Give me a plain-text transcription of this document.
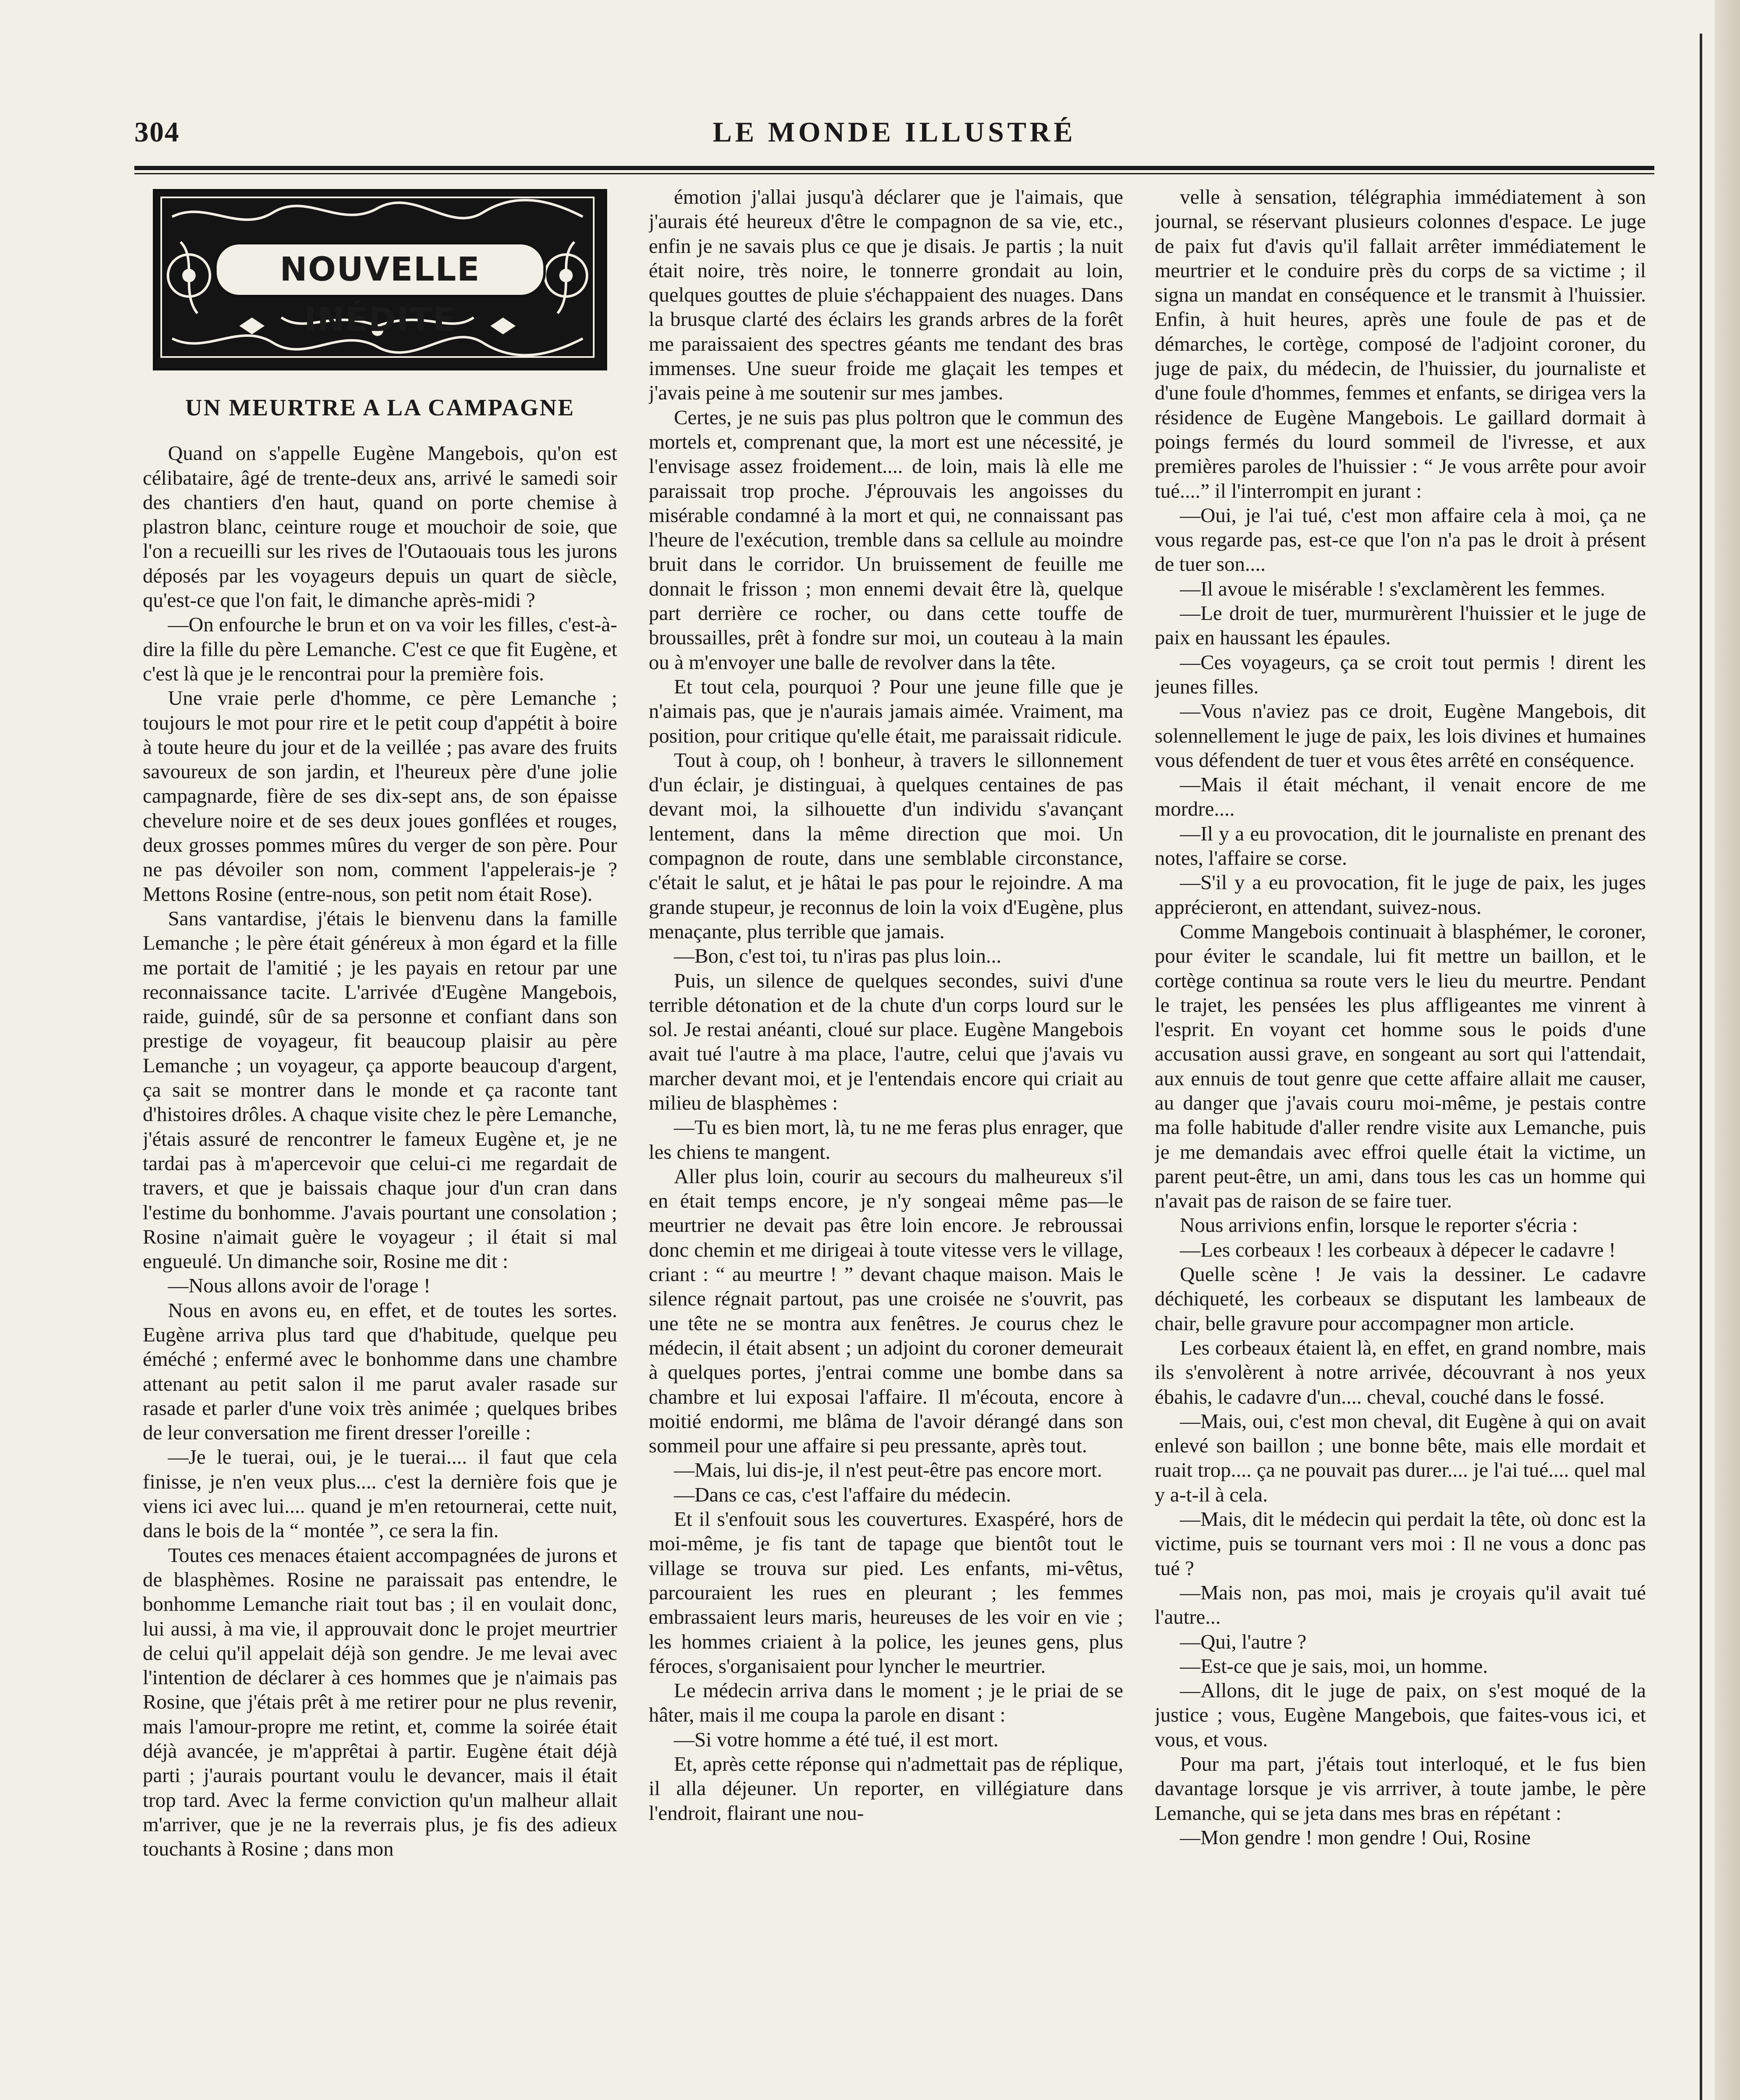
LE MONDE ILLUSTRÉ
304
NOUVELLE INÉDITE
UN MEURTRE A LA CAMPAGNE

Quand on s'appelle Eugène Mangebois, qu'on est célibataire, âgé de trente-deux ans, arrivé le samedi soir des chantiers d'en haut, quand on porte chemise à plastron blanc, ceinture rouge et mouchoir de soie, que l'on a recueilli sur les rives de l'Outaouais tous les jurons déposés par les voyageurs depuis un quart de siècle, qu'est-ce que l'on fait, le dimanche après-midi ?

—On enfourche le brun et on va voir les filles, c'est-à-dire la fille du père Lemanche. C'est ce que fit Eugène, et c'est là que je le rencontrai pour la première fois.

Une vraie perle d'homme, ce père Lemanche ; toujours le mot pour rire et le petit coup d'appétit à boire à toute heure du jour et de la veillée ; pas avare des fruits savoureux de son jardin, et l'heureux père d'une jolie campagnarde, fière de ses dix-sept ans, de son épaisse chevelure noire et de ses deux joues gonflées et rouges, deux grosses pommes mûres du verger de son père. Pour ne pas dévoiler son nom, comment l'appelerais-je ? Mettons Rosine (entre-nous, son petit nom était Rose).

Sans vantardise, j'étais le bienvenu dans la famille Lemanche ; le père était généreux à mon égard et la fille me portait de l'amitié ; je les payais en retour par une reconnaissance tacite. L'arrivée d'Eugène Mangebois, raide, guindé, sûr de sa personne et confiant dans son prestige de voyageur, fit beaucoup plaisir au père Lemanche ; un voyageur, ça apporte beaucoup d'argent, ça sait se montrer dans le monde et ça raconte tant d'histoires drôles. A chaque visite chez le père Lemanche, j'étais assuré de rencontrer le fameux Eugène et, je ne tardai pas à m'apercevoir que celui-ci me regardait de travers, et que je baissais chaque jour d'un cran dans l'estime du bonhomme. J'avais pourtant une consolation ; Rosine n'aimait guère le voyageur ; il était si mal engueulé. Un dimanche soir, Rosine me dit :

—Nous allons avoir de l'orage !

Nous en avons eu, en effet, et de toutes les sortes. Eugène arriva plus tard que d'habitude, quelque peu éméché ; enfermé avec le bonhomme dans une chambre attenant au petit salon il me parut avaler rasade sur rasade et parler d'une voix très animée ; quelques bribes de leur conversation me firent dresser l'oreille :

—Je le tuerai, oui, je le tuerai.... il faut que cela finisse, je n'en veux plus.... c'est la dernière fois que je viens ici avec lui.... quand je m'en retournerai, cette nuit, dans le bois de la “ montée ”, ce sera la fin.

Toutes ces menaces étaient accompagnées de jurons et de blasphèmes. Rosine ne paraissait pas entendre, le bonhomme Lemanche riait tout bas ; il en voulait donc, lui aussi, à ma vie, il approuvait donc le projet meurtrier de celui qu'il appelait déjà son gendre. Je me levai avec l'intention de déclarer à ces hommes que je n'aimais pas Rosine, que j'étais prêt à me retirer pour ne plus revenir, mais l'amour-propre me retint, et, comme la soirée était déjà avancée, je m'apprêtai à partir. Eugène était déjà parti ; j'aurais pourtant voulu le devancer, mais il était trop tard. Avec la ferme conviction qu'un malheur allait m'arriver, que je ne la reverrais plus, je fis des adieux touchants à Rosine ; dans mon

émotion j'allai jusqu'à déclarer que je l'aimais, que j'aurais été heureux d'être le compagnon de sa vie, etc., enfin je ne savais plus ce que je disais. Je partis ; la nuit était noire, très noire, le tonnerre grondait au loin, quelques gouttes de pluie s'échappaient des nuages. Dans la brusque clarté des éclairs les grands arbres de la forêt me paraissaient des spectres géants me tendant des bras immenses. Une sueur froide me glaçait les tempes et j'avais peine à me soutenir sur mes jambes.

Certes, je ne suis pas plus poltron que le commun des mortels et, comprenant que, la mort est une nécessité, je l'envisage assez froidement.... de loin, mais là elle me paraissait trop proche. J'éprouvais les angoisses du misérable condamné à la mort et qui, ne connaissant pas l'heure de l'exécution, tremble dans sa cellule au moindre bruit dans le corridor. Un bruissement de feuille me donnait le frisson ; mon ennemi devait être là, quelque part derrière ce rocher, ou dans cette touffe de broussailles, prêt à fondre sur moi, un couteau à la main ou à m'envoyer une balle de revolver dans la tête.

Et tout cela, pourquoi ? Pour une jeune fille que je n'aimais pas, que je n'aurais jamais aimée. Vraiment, ma position, pour critique qu'elle était, me paraissait ridicule.

Tout à coup, oh ! bonheur, à travers le sillonnement d'un éclair, je distinguai, à quelques centaines de pas devant moi, la silhouette d'un individu s'avançant lentement, dans la même direction que moi. Un compagnon de route, dans une semblable circonstance, c'était le salut, et je hâtai le pas pour le rejoindre. A ma grande stupeur, je reconnus de loin la voix d'Eugène, plus menaçante, plus terrible que jamais.

—Bon, c'est toi, tu n'iras pas plus loin...

Puis, un silence de quelques secondes, suivi d'une terrible détonation et de la chute d'un corps lourd sur le sol. Je restai anéanti, cloué sur place. Eugène Mangebois avait tué l'autre à ma place, l'autre, celui que j'avais vu marcher devant moi, et je l'entendais encore qui criait au milieu de blasphèmes :

—Tu es bien mort, là, tu ne me feras plus enrager, que les chiens te mangent.

Aller plus loin, courir au secours du malheureux s'il en était temps encore, je n'y songeai même pas—le meurtrier ne devait pas être loin encore. Je rebroussai donc chemin et me dirigeai à toute vitesse vers le village, criant : “ au meurtre ! ” devant chaque maison. Mais le silence régnait partout, pas une croisée ne s'ouvrit, pas une tête ne se montra aux fenêtres. Je courus chez le médecin, il était absent ; un adjoint du coroner demeurait à quelques portes, j'entrai comme une bombe dans sa chambre et lui exposai l'affaire. Il m'écouta, encore à moitié endormi, me blâma de l'avoir dérangé dans son sommeil pour une affaire si peu pressante, après tout.

—Mais, lui dis-je, il n'est peut-être pas encore mort.

—Dans ce cas, c'est l'affaire du médecin.

Et il s'enfouit sous les couvertures. Exaspéré, hors de moi-même, je fis tant de tapage que bientôt tout le village se trouva sur pied. Les enfants, mi-vêtus, parcouraient les rues en pleurant ; les femmes embrassaient leurs maris, heureuses de les voir en vie ; les hommes criaient à la police, les jeunes gens, plus féroces, s'organisaient pour lyncher le meurtrier.

Le médecin arriva dans le moment ; je le priai de se hâter, mais il me coupa la parole en disant :

—Si votre homme a été tué, il est mort.

Et, après cette réponse qui n'admettait pas de réplique, il alla déjeuner. Un reporter, en villégiature dans l'endroit, flairant une nou-

velle à sensation, télégraphia immédiatement à son journal, se réservant plusieurs colonnes d'espace. Le juge de paix fut d'avis qu'il fallait arrêter immédiatement le meurtrier et le conduire près du corps de sa victime ; il signa un mandat en conséquence et le transmit à l'huissier. Enfin, à huit heures, après une foule de pas et de démarches, le cortège, composé de l'adjoint coroner, du juge de paix, du médecin, de l'huissier, du journaliste et d'une foule d'hommes, femmes et enfants, se dirigea vers la résidence de Eugène Mangebois. Le gaillard dormait à poings fermés du lourd sommeil de l'ivresse, et aux premières paroles de l'huissier : “ Je vous arrête pour avoir tué....” il l'interrompit en jurant :

—Oui, je l'ai tué, c'est mon affaire cela à moi, ça ne vous regarde pas, est-ce que l'on n'a pas le droit à présent de tuer son....

—Il avoue le misérable ! s'exclamèrent les femmes.

—Le droit de tuer, murmurèrent l'huissier et le juge de paix en haussant les épaules.

—Ces voyageurs, ça se croit tout permis ! dirent les jeunes filles.

—Vous n'aviez pas ce droit, Eugène Mangebois, dit solennellement le juge de paix, les lois divines et humaines vous défendent de tuer et vous êtes arrêté en conséquence.

—Mais il était méchant, il venait encore de me mordre....

—Il y a eu provocation, dit le journaliste en prenant des notes, l'affaire se corse.

—S'il y a eu provocation, fit le juge de paix, les juges apprécieront, en attendant, suivez-nous.

Comme Mangebois continuait à blasphémer, le coroner, pour éviter le scandale, lui fit mettre un baillon, et le cortège continua sa route vers le lieu du meurtre. Pendant le trajet, les pensées les plus affligeantes me vinrent à l'esprit. En voyant cet homme sous le poids d'une accusation aussi grave, en songeant au sort qui l'attendait, aux ennuis de tout genre que cette affaire allait me causer, au danger que j'avais couru moi-même, je pestais contre ma folle habitude d'aller rendre visite aux Lemanche, puis je me demandais avec effroi quelle était la victime, un parent peut-être, un ami, dans tous les cas un homme qui n'avait pas de raison de se faire tuer.

Nous arrivions enfin, lorsque le reporter s'écria :

—Les corbeaux ! les corbeaux à dépecer le cadavre !

Quelle scène ! Je vais la dessiner. Le cadavre déchiqueté, les corbeaux se disputant les lambeaux de chair, belle gravure pour accompagner mon article.

Les corbeaux étaient là, en effet, en grand nombre, mais ils s'envolèrent à notre arrivée, découvrant à nos yeux ébahis, le cadavre d'un.... cheval, couché dans le fossé.

—Mais, oui, c'est mon cheval, dit Eugène à qui on avait enlevé son baillon ; une bonne bête, mais elle mordait et ruait trop.... ça ne pouvait pas durer.... je l'ai tué.... quel mal y a-t-il à cela.

—Mais, dit le médecin qui perdait la tête, où donc est la victime, puis se tournant vers moi : Il ne vous a donc pas tué ?

—Mais non, pas moi, mais je croyais qu'il avait tué l'autre...

—Qui, l'autre ?

—Est-ce que je sais, moi, un homme.

—Allons, dit le juge de paix, on s'est moqué de la justice ; vous, Eugène Mangebois, que faites-vous ici, et vous, et vous.

Pour ma part, j'étais tout interloqué, et le fus bien davantage lorsque je vis arrriver, à toute jambe, le père Lemanche, qui se jeta dans mes bras en répétant :

—Mon gendre ! mon gendre ! Oui, Rosine
